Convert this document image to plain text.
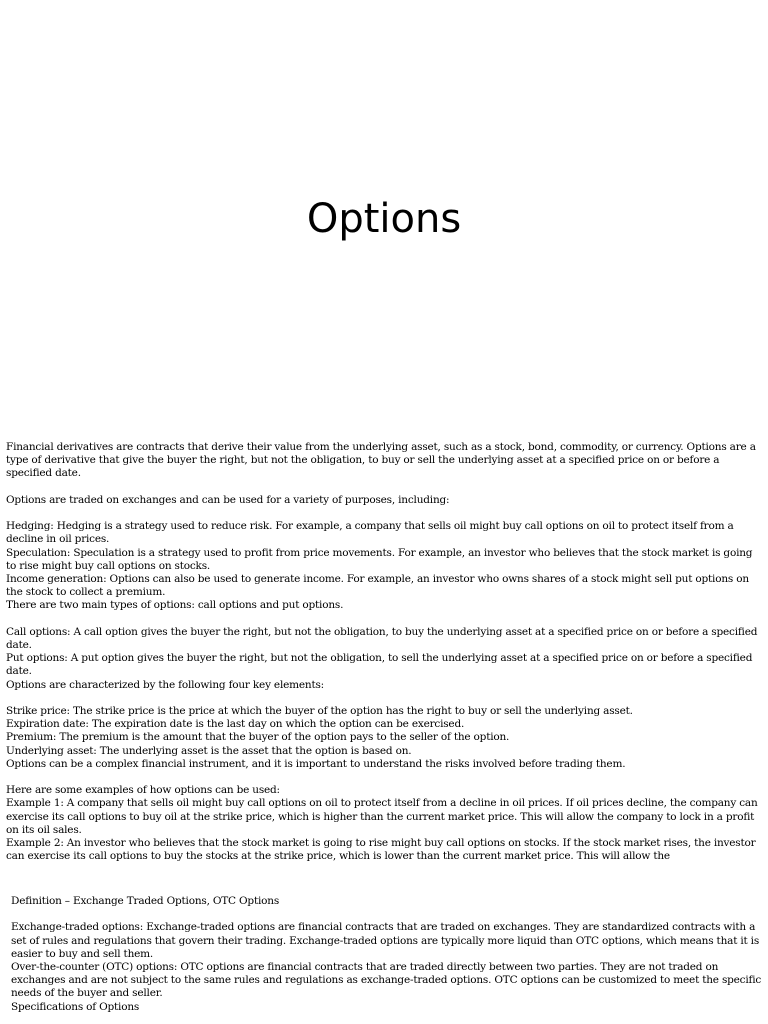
Options

Financial derivatives are contracts that derive their value from the underlying asset, such as a stock, bond, commodity, or currency. Options are a type of derivative that give the buyer the right, but not the obligation, to buy or sell the underlying asset at a specified price on or before a specified date.

Options are traded on exchanges and can be used for a variety of purposes, including:

Hedging: Hedging is a strategy used to reduce risk. For example, a company that sells oil might buy call options on oil to protect itself from a decline in oil prices.

Speculation: Speculation is a strategy used to profit from price movements. For example, an investor who believes that the stock market is going to rise might buy call options on stocks.

Income generation: Options can also be used to generate income. For example, an investor who owns shares of a stock might sell put options on the stock to collect a premium.

There are two main types of options: call options and put options.

Call options: A call option gives the buyer the right, but not the obligation, to buy the underlying asset at a specified price on or before a specified date.

Put options: A put option gives the buyer the right, but not the obligation, to sell the underlying asset at a specified price on or before a specified date.

Options are characterized by the following four key elements:

Strike price: The strike price is the price at which the buyer of the option has the right to buy or sell the underlying asset.

Expiration date: The expiration date is the last day on which the option can be exercised.

Premium: The premium is the amount that the buyer of the option pays to the seller of the option.

Underlying asset: The underlying asset is the asset that the option is based on.

Options can be a complex financial instrument, and it is important to understand the risks involved before trading them.

Here are some examples of how options can be used:

Example 1: A company that sells oil might buy call options on oil to protect itself from a decline in oil prices. If oil prices decline, the company can exercise its call options to buy oil at the strike price, which is higher than the current market price. This will allow the company to lock in a profit on its oil sales.

Example 2: An investor who believes that the stock market is going to rise might buy call options on stocks. If the stock market rises, the investor can exercise its call options to buy the stocks at the strike price, which is lower than the current market price. This will allow the

Definition – Exchange Traded Options, OTC Options

Exchange-traded options: Exchange-traded options are financial contracts that are traded on exchanges. They are standardized contracts with a set of rules and regulations that govern their trading. Exchange-traded options are typically more liquid than OTC options, which means that it is easier to buy and sell them.

Over-the-counter (OTC) options: OTC options are financial contracts that are traded directly between two parties. They are not traded on exchanges and are not subject to the same rules and regulations as exchange-traded options. OTC options can be customized to meet the specific needs of the buyer and seller.

Specifications of Options
